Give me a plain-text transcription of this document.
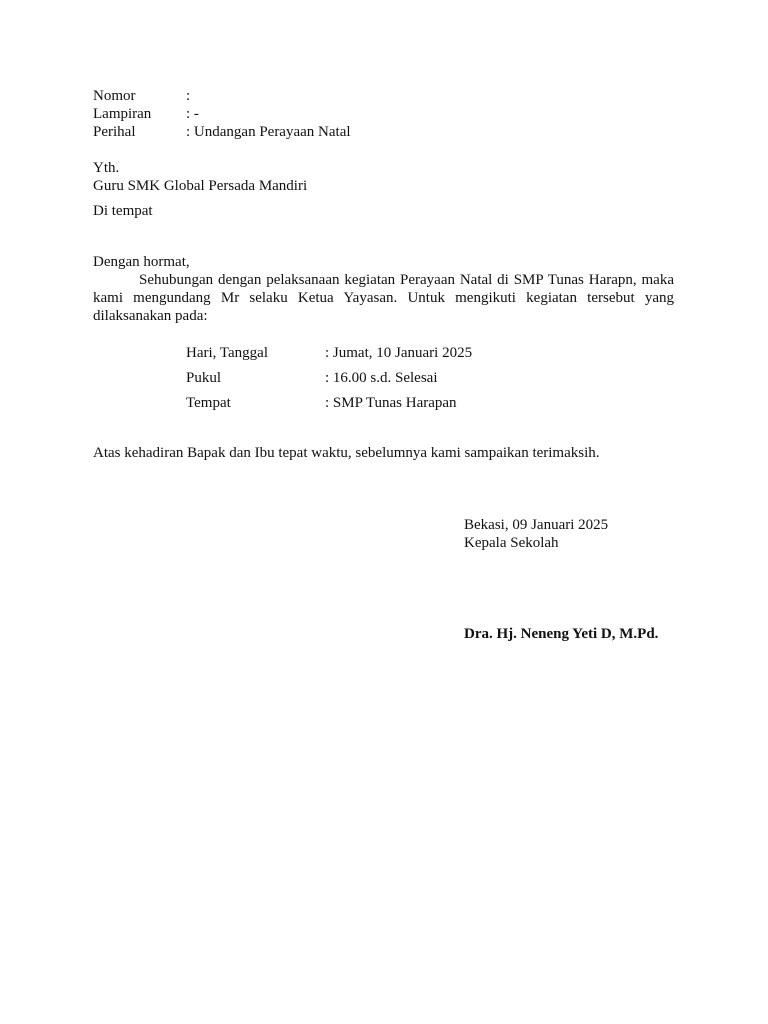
Nomor	:
Lampiran : -
Perihal	: Undangan Perayaan Natal
Yth.
Guru SMK Global Persada Mandiri
Di tempat
Dengan hormat,
Sehubungan dengan pelaksanaan kegiatan Perayaan Natal di SMP Tunas Harapn, maka kami mengundang Mr selaku Ketua Yayasan. Untuk mengikuti kegiatan tersebut yang dilaksanakan pada:
Hari, Tanggal	: Jumat, 10 Januari 2025
Pukul	: 16.00 s.d. Selesai
Tempat	: SMP Tunas Harapan
Atas kehadiran Bapak dan Ibu tepat waktu, sebelumnya kami sampaikan terimaksih.
Bekasi, 09 Januari 2025
Kepala Sekolah
Dra. Hj. Neneng Yeti D, M.Pd.
